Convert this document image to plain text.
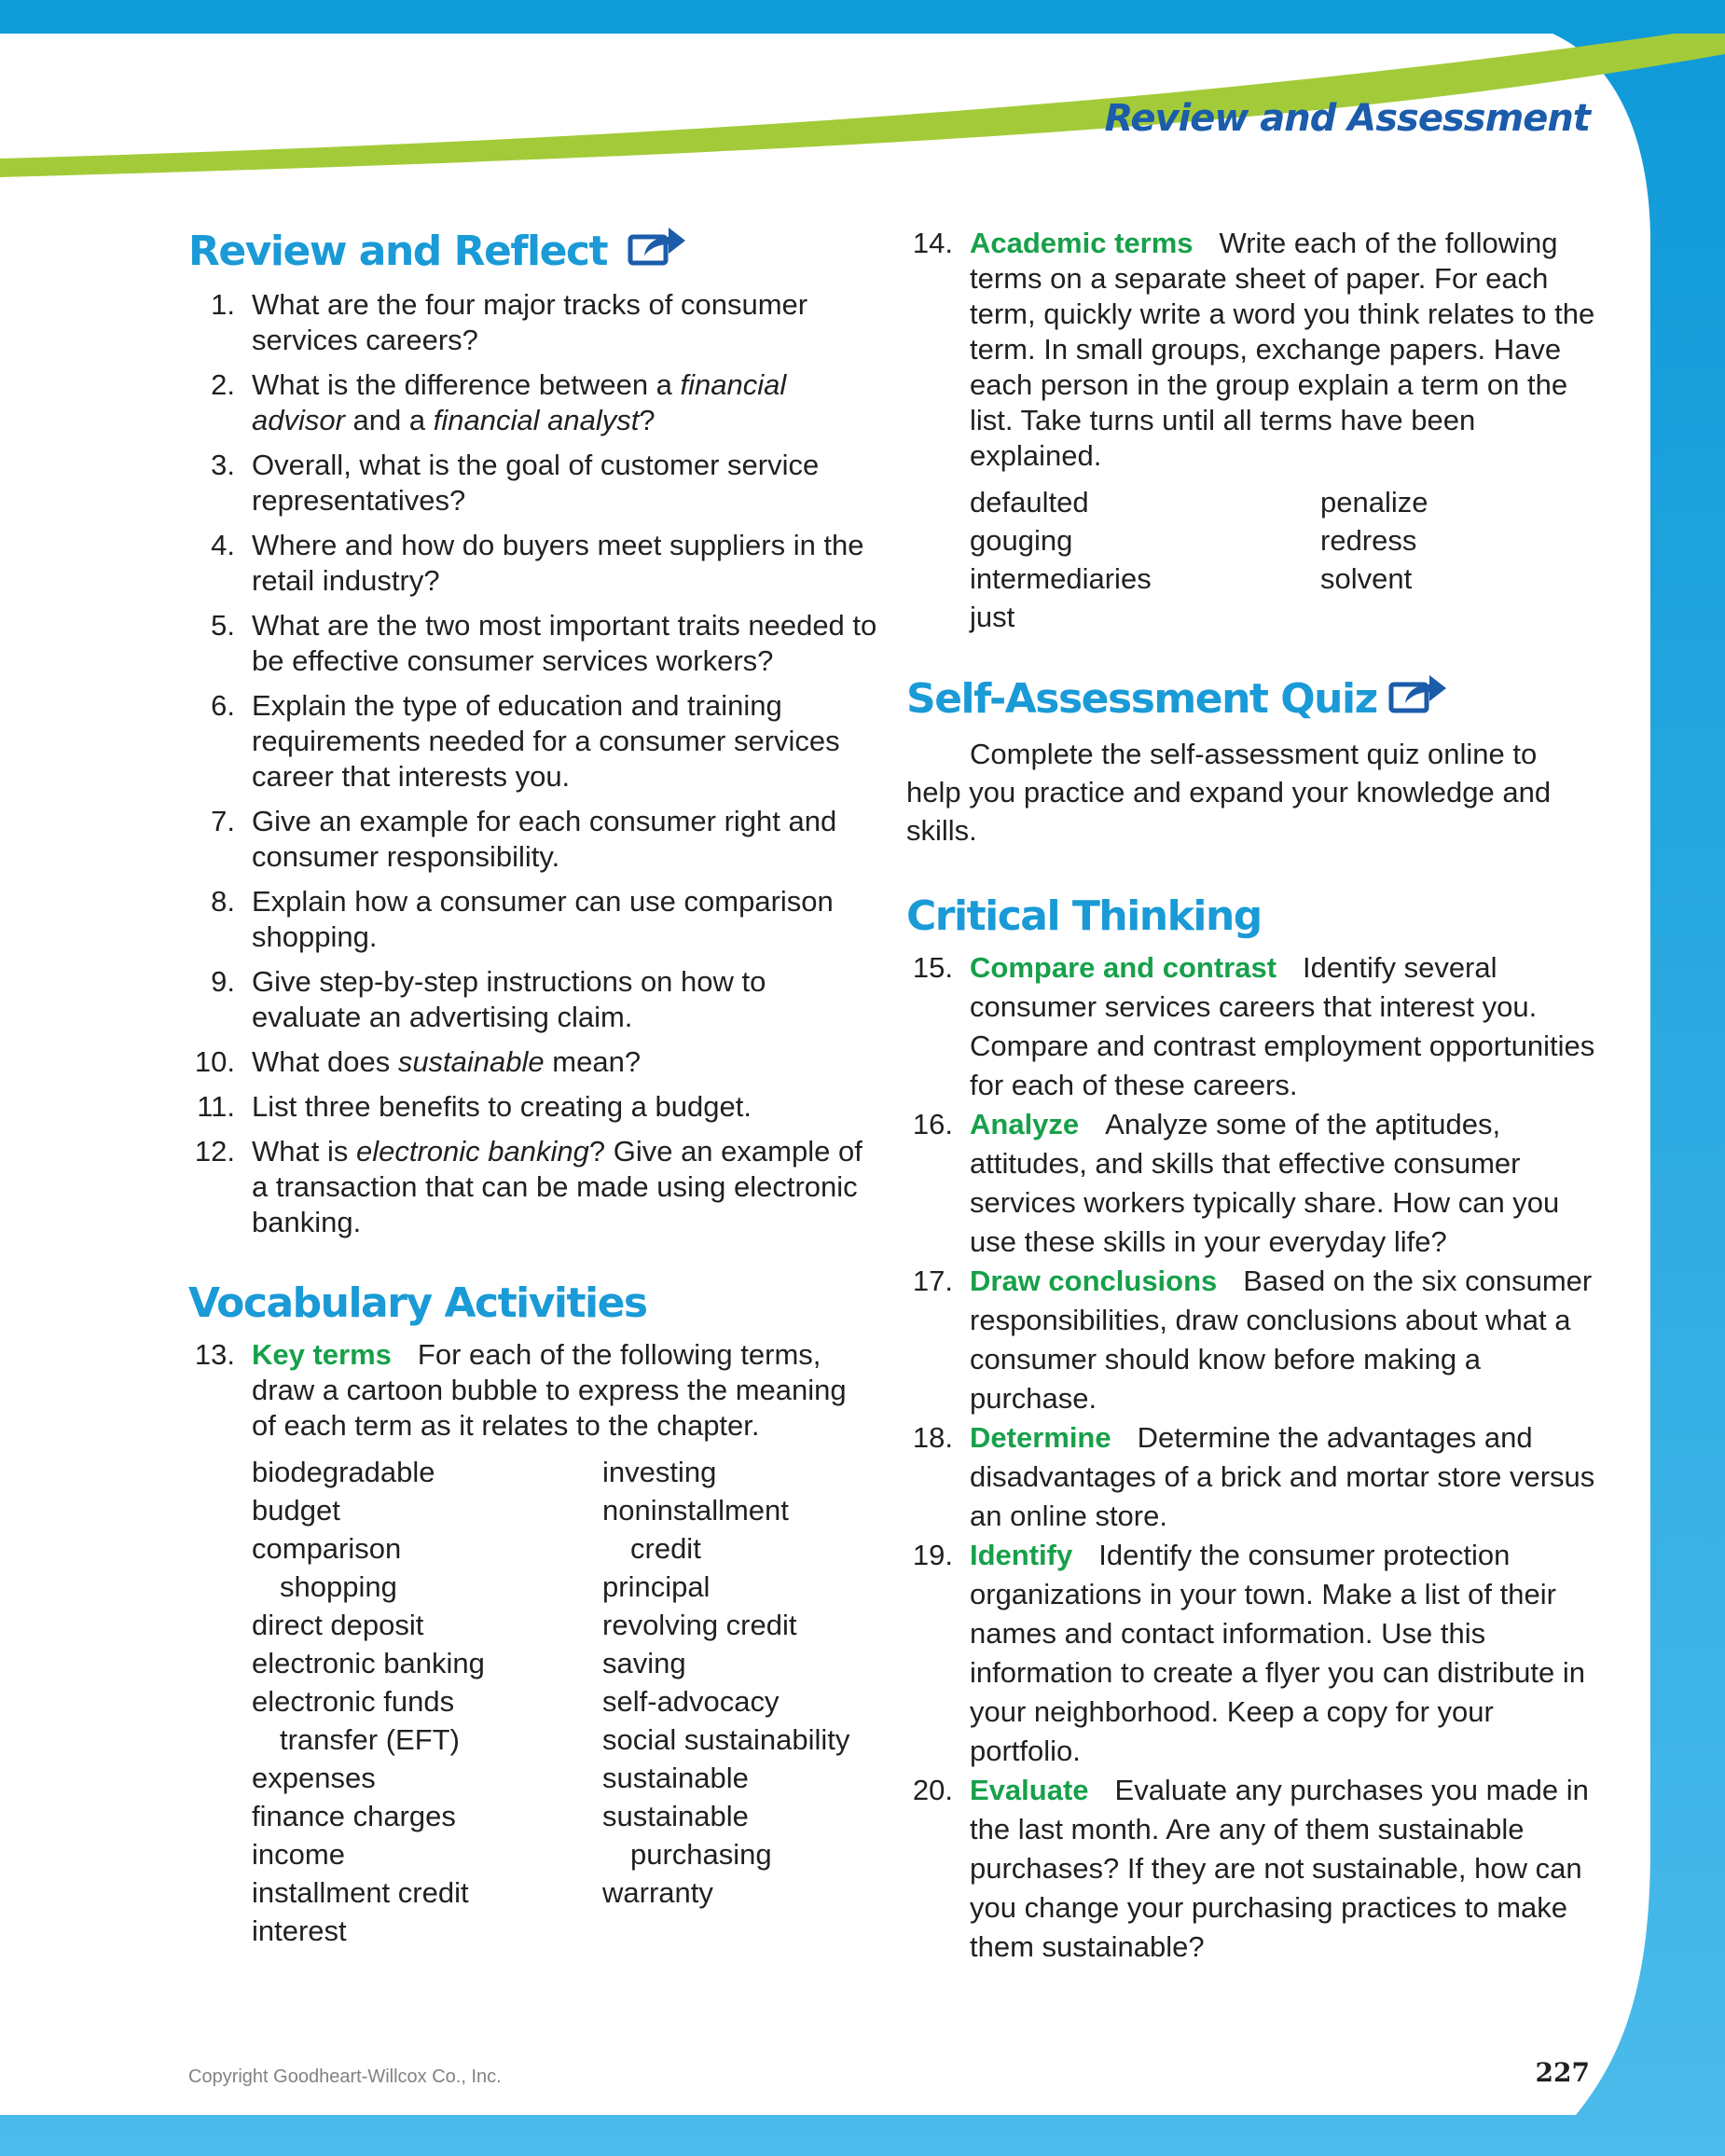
Review and Assessment
Review and Reflect
1. What are the four major tracks of consumer services careers?
2. What is the difference between a financial advisor and a financial analyst?
3. Overall, what is the goal of customer service representatives?
4. Where and how do buyers meet suppliers in the retail industry?
5. What are the two most important traits needed to be effective consumer services workers?
6. Explain the type of education and training requirements needed for a consumer services career that interests you.
7. Give an example for each consumer right and consumer responsibility.
8. Explain how a consumer can use comparison shopping.
9. Give step-by-step instructions on how to evaluate an advertising claim.
10. What does sustainable mean?
11. List three benefits to creating a budget.
12. What is electronic banking? Give an example of a transaction that can be made using electronic banking.
Vocabulary Activities
13. Key terms For each of the following terms, draw a cartoon bubble to express the meaning of each term as it relates to the chapter.
biodegradable
budget
comparison
shopping
direct deposit
electronic banking
electronic funds
transfer (EFT)
expenses
finance charges
income
installment credit
interest
investing
noninstallment
credit
principal
revolving credit
saving
self-advocacy
social sustainability
sustainable
sustainable
purchasing
warranty
14. Academic terms Write each of the following terms on a separate sheet of paper. For each term, quickly write a word you think relates to the term. In small groups, exchange papers. Have each person in the group explain a term on the list. Take turns until all terms have been explained.
defaulted
gouging
intermediaries
just
penalize
redress
solvent
Self-Assessment Quiz

Complete the self-assessment quiz online to help you practice and expand your knowledge and skills.

Critical Thinking
15. Compare and contrast Identify several consumer services careers that interest you. Compare and contrast employment opportunities for each of these careers.
16. Analyze Analyze some of the aptitudes, attitudes, and skills that effective consumer services workers typically share. How can you use these skills in your everyday life?
17. Draw conclusions Based on the six consumer responsibilities, draw conclusions about what a consumer should know before making a purchase.
18. Determine Determine the advantages and disadvantages of a brick and mortar store versus an online store.
19. Identify Identify the consumer protection organizations in your town. Make a list of their names and contact information. Use this information to create a flyer you can distribute in your neighborhood. Keep a copy for your portfolio.
20. Evaluate Evaluate any purchases you made in the last month. Are any of them sustainable purchases? If they are not sustainable, how can you change your purchasing practices to make them sustainable?
Copyright Goodheart-Willcox Co., Inc.	227
